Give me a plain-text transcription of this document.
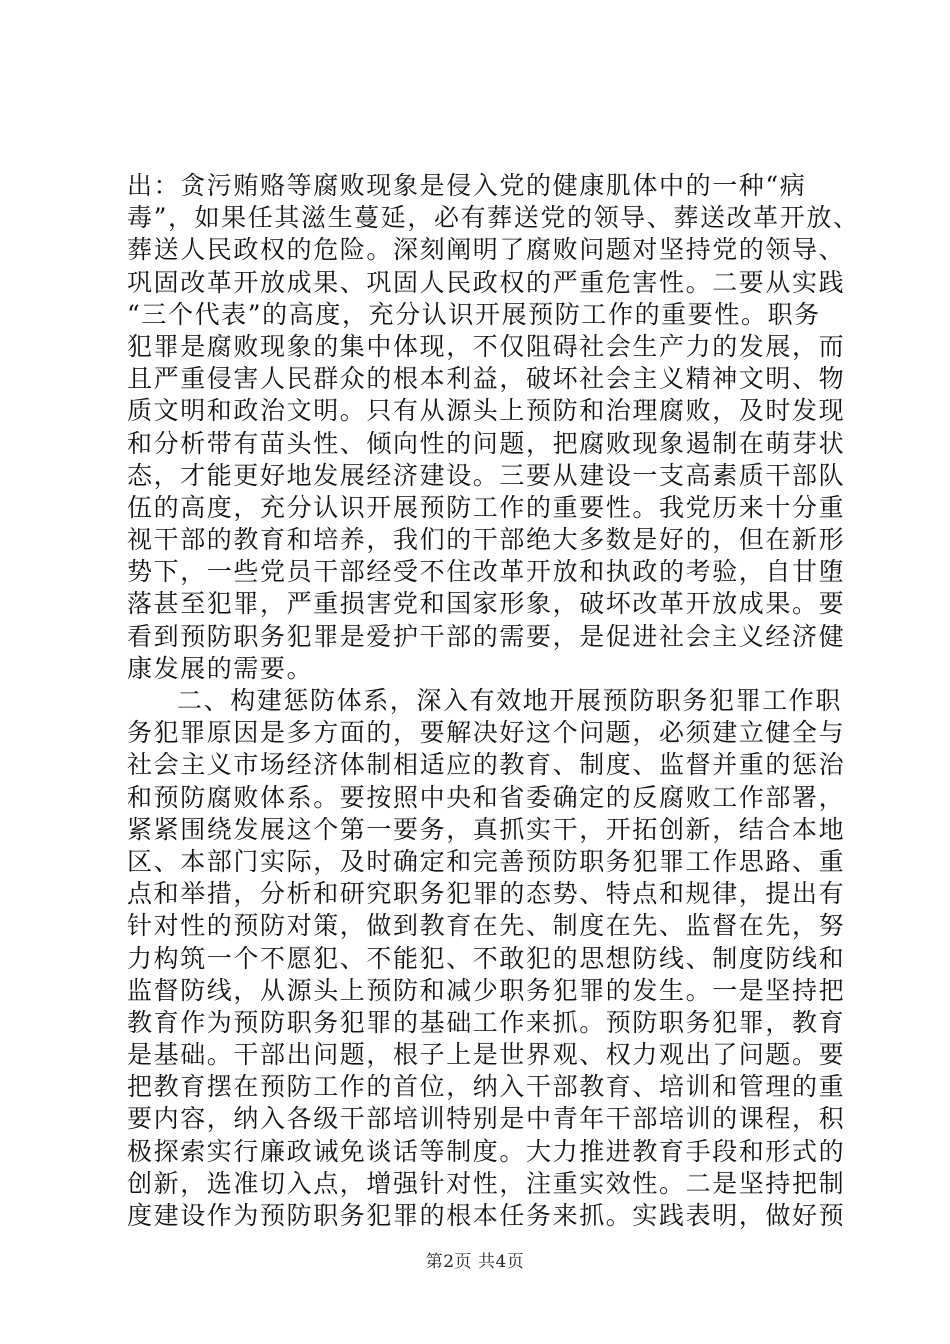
出：贪污贿赂等腐败现象是侵入党的健康肌体中的一种“病
毒”，如果任其滋生蔓延，必有葬送党的领导、葬送改革开放、
葬送人民政权的危险。深刻阐明了腐败问题对坚持党的领导、
巩固改革开放成果、巩固人民政权的严重危害性。二要从实践
“三个代表”的高度，充分认识开展预防工作的重要性。职务
犯罪是腐败现象的集中体现，不仅阻碍社会生产力的发展，而
且严重侵害人民群众的根本利益，破坏社会主义精神文明、物
质文明和政治文明。只有从源头上预防和治理腐败，及时发现
和分析带有苗头性、倾向性的问题，把腐败现象遏制在萌芽状
态，才能更好地发展经济建设。三要从建设一支高素质干部队
伍的高度，充分认识开展预防工作的重要性。我党历来十分重
视干部的教育和培养，我们的干部绝大多数是好的，但在新形
势下，一些党员干部经受不住改革开放和执政的考验，自甘堕
落甚至犯罪，严重损害党和国家形象，破坏改革开放成果。要
看到预防职务犯罪是爱护干部的需要，是促进社会主义经济健
康发展的需要。
二、构建惩防体系，深入有效地开展预防职务犯罪工作职
务犯罪原因是多方面的，要解决好这个问题，必须建立健全与
社会主义市场经济体制相适应的教育、制度、监督并重的惩治
和预防腐败体系。要按照中央和省委确定的反腐败工作部署，
紧紧围绕发展这个第一要务，真抓实干，开拓创新，结合本地
区、本部门实际，及时确定和完善预防职务犯罪工作思路、重
点和举措，分析和研究职务犯罪的态势、特点和规律，提出有
针对性的预防对策，做到教育在先、制度在先、监督在先，努
力构筑一个不愿犯、不能犯、不敢犯的思想防线、制度防线和
监督防线，从源头上预防和减少职务犯罪的发生。一是坚持把
教育作为预防职务犯罪的基础工作来抓。预防职务犯罪，教育
是基础。干部出问题，根子上是世界观、权力观出了问题。要
把教育摆在预防工作的首位，纳入干部教育、培训和管理的重
要内容，纳入各级干部培训特别是中青年干部培训的课程，积
极探索实行廉政诫免谈话等制度。大力推进教育手段和形式的
创新，选准切入点，增强针对性，注重实效性。二是坚持把制
度建设作为预防职务犯罪的根本任务来抓。实践表明，做好预
第2页 共4页
